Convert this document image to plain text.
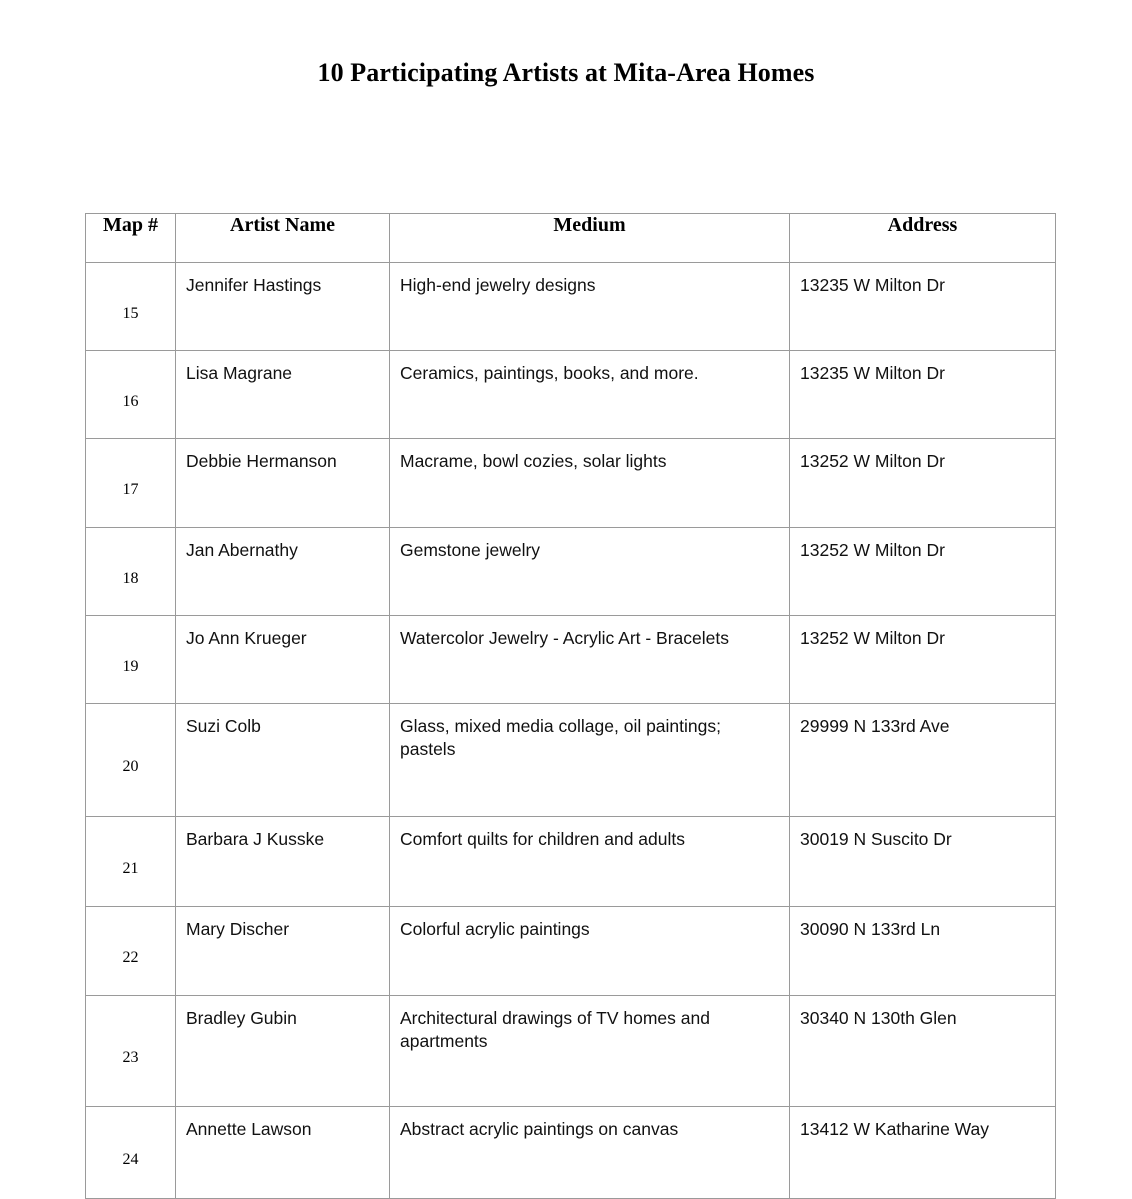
10 Participating Artists at Mita-Area Homes
Map #	Artist Name	Medium	Address
15	Jennifer Hastings	High-end jewelry designs	13235 W Milton Dr
16	Lisa Magrane	Ceramics, paintings, books, and more.	13235 W Milton Dr
17	Debbie Hermanson	Macrame, bowl cozies, solar lights	13252 W Milton Dr
18	Jan Abernathy	Gemstone jewelry	13252 W Milton Dr
19	Jo Ann Krueger	Watercolor Jewelry - Acrylic Art - Bracelets	13252 W Milton Dr
20	Suzi Colb	Glass, mixed media collage, oil paintings; pastels	29999 N 133rd Ave
21	Barbara J Kusske	Comfort quilts for children and adults	30019 N Suscito Dr
22	Mary Discher	Colorful acrylic paintings	30090 N 133rd Ln
23	Bradley Gubin	Architectural drawings of TV homes and apartments	30340 N 130th Glen
24	Annette Lawson	Abstract acrylic paintings on canvas	13412 W Katharine Way
